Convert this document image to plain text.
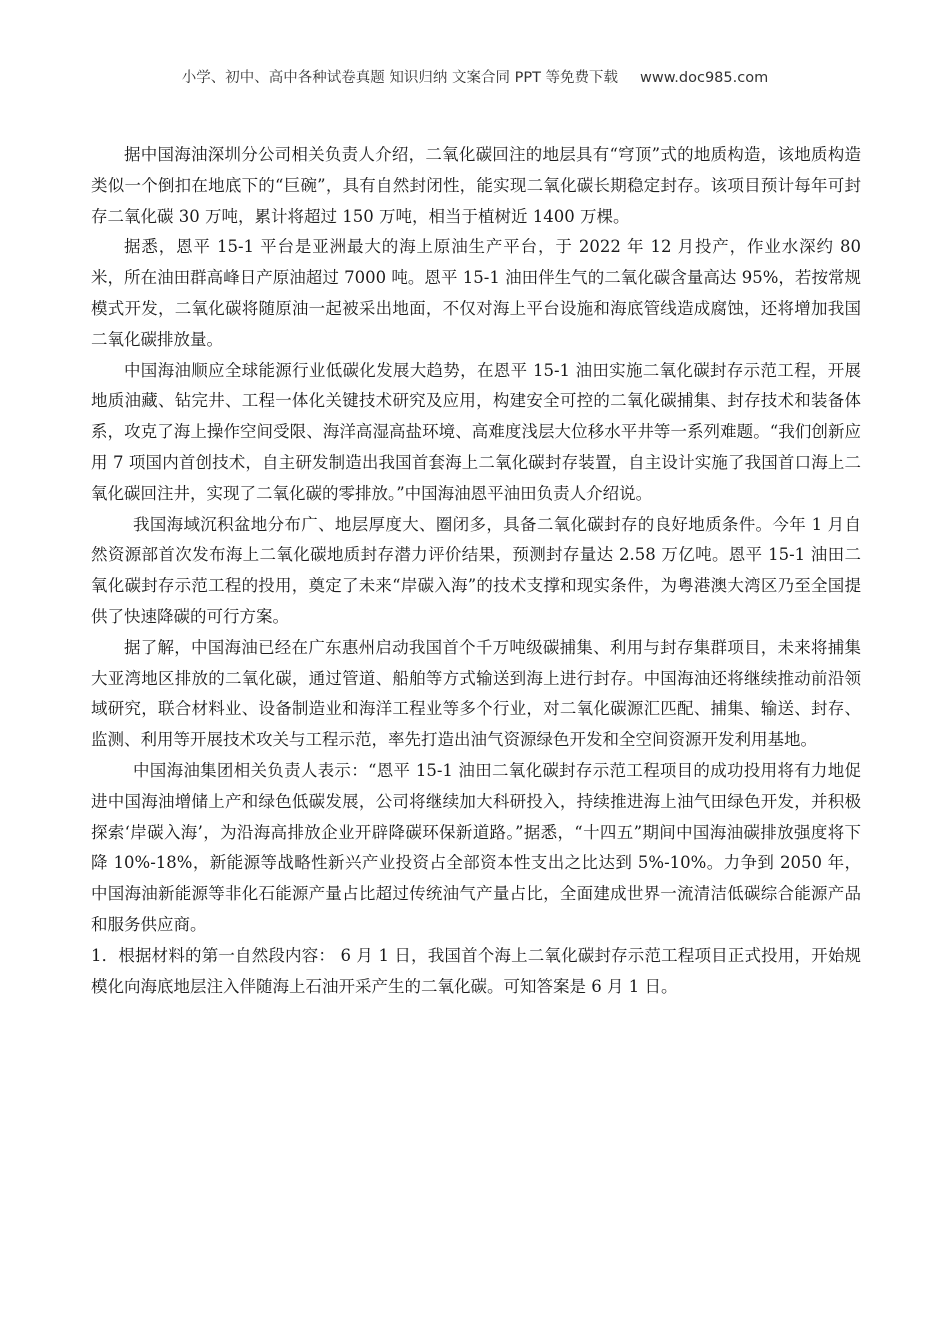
小学、初中、高中各种试卷真题 知识归纳 文案合同 PPT 等免费下载 www.doc985.com

据中国海油深圳分公司相关负责人介绍，二氧化碳回注的地层具有“穹顶”式的地质构造，该地质构造类似一个倒扣在地底下的“巨碗”，具有自然封闭性，能实现二氧化碳长期稳定封存。该项目预计每年可封存二氧化碳 30 万吨，累计将超过 150 万吨，相当于植树近 1400 万棵。

据悉，恩平 15-1 平台是亚洲最大的海上原油生产平台，于 2022 年 12 月投产，作业水深约 80 米，所在油田群高峰日产原油超过 7000 吨。恩平 15-1 油田伴生气的二氧化碳含量高达 95%，若按常规模式开发，二氧化碳将随原油一起被采出地面，不仅对海上平台设施和海底管线造成腐蚀，还将增加我国二氧化碳排放量。

中国海油顺应全球能源行业低碳化发展大趋势，在恩平 15-1 油田实施二氧化碳封存示范工程，开展地质油藏、钻完井、工程一体化关键技术研究及应用，构建安全可控的二氧化碳捕集、封存技术和装备体系，攻克了海上操作空间受限、海洋高湿高盐环境、高难度浅层大位移水平井等一系列难题。“我们创新应用 7 项国内首创技术，自主研发制造出我国首套海上二氧化碳封存装置，自主设计实施了我国首口海上二氧化碳回注井，实现了二氧化碳的零排放。”中国海油恩平油田负责人介绍说。

我国海域沉积盆地分布广、地层厚度大、圈闭多，具备二氧化碳封存的良好地质条件。今年 1 月自然资源部首次发布海上二氧化碳地质封存潜力评价结果，预测封存量达 2.58 万亿吨。恩平 15-1 油田二氧化碳封存示范工程的投用，奠定了未来“岸碳入海”的技术支撑和现实条件，为粤港澳大湾区乃至全国提供了快速降碳的可行方案。

据了解，中国海油已经在广东惠州启动我国首个千万吨级碳捕集、利用与封存集群项目，未来将捕集大亚湾地区排放的二氧化碳，通过管道、船舶等方式输送到海上进行封存。中国海油还将继续推动前沿领域研究，联合材料业、设备制造业和海洋工程业等多个行业，对二氧化碳源汇匹配、捕集、输送、封存、监测、利用等开展技术攻关与工程示范，率先打造出油气资源绿色开发和全空间资源开发利用基地。

中国海油集团相关负责人表示：“恩平 15-1 油田二氧化碳封存示范工程项目的成功投用将有力地促进中国海油增储上产和绿色低碳发展，公司将继续加大科研投入，持续推进海上油气田绿色开发，并积极探索‘岸碳入海’，为沿海高排放企业开辟降碳环保新道路。”据悉，“十四五”期间中国海油碳排放强度将下降 10%-18%，新能源等战略性新兴产业投资占全部资本性支出之比达到 5%-10%。力争到 2050 年，中国海油新能源等非化石能源产量占比超过传统油气产量占比，全面建成世界一流清洁低碳综合能源产品和服务供应商。

1．根据材料的第一自然段内容： 6 月 1 日，我国首个海上二氧化碳封存示范工程项目正式投用，开始规模化向海底地层注入伴随海上石油开采产生的二氧化碳。可知答案是 6 月 1 日。
